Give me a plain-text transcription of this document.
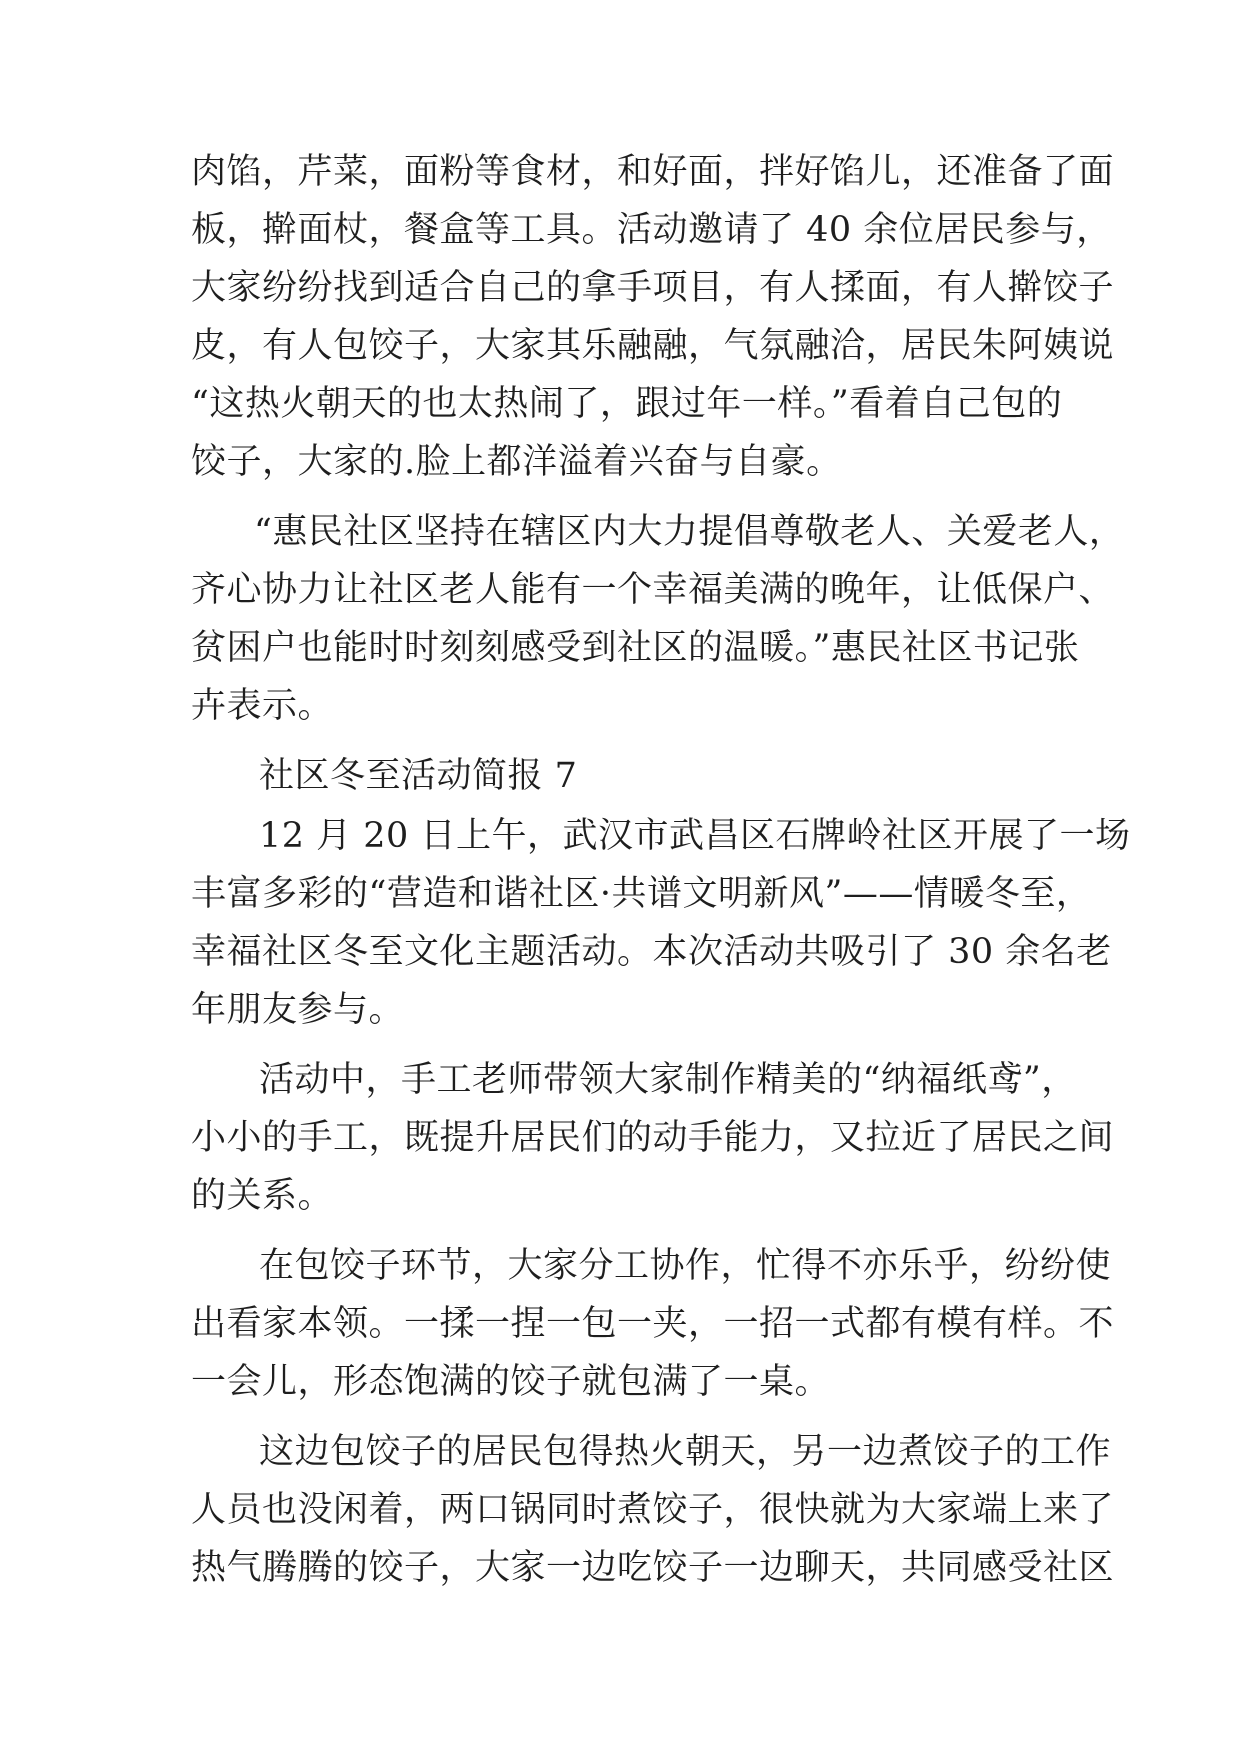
肉馅，芹菜，面粉等食材，和好面，拌好馅儿，还准备了面
板，擀面杖，餐盒等工具。活动邀请了 40 余位居民参与，
大家纷纷找到适合自己的拿手项目，有人揉面，有人擀饺子
皮，有人包饺子，大家其乐融融，气氛融洽，居民朱阿姨说
“这热火朝天的也太热闹了，跟过年一样。”看着自己包的
饺子，大家的.脸上都洋溢着兴奋与自豪。
“惠民社区坚持在辖区内大力提倡尊敬老人、关爱老人，
齐心协力让社区老人能有一个幸福美满的晚年，让低保户、
贫困户也能时时刻刻感受到社区的温暖。”惠民社区书记张
卉表示。
社区冬至活动简报 7
12 月 20 日上午，武汉市武昌区石牌岭社区开展了一场
丰富多彩的“营造和谐社区·共谱文明新风”——情暖冬至，
幸福社区冬至文化主题活动。本次活动共吸引了 30 余名老
年朋友参与。
活动中，手工老师带领大家制作精美的“纳福纸鸢”，
小小的手工，既提升居民们的动手能力，又拉近了居民之间
的关系。
在包饺子环节，大家分工协作，忙得不亦乐乎，纷纷使
出看家本领。一揉一捏一包一夹，一招一式都有模有样。不
一会儿，形态饱满的饺子就包满了一桌。
这边包饺子的居民包得热火朝天，另一边煮饺子的工作
人员也没闲着，两口锅同时煮饺子，很快就为大家端上来了
热气腾腾的饺子，大家一边吃饺子一边聊天，共同感受社区
